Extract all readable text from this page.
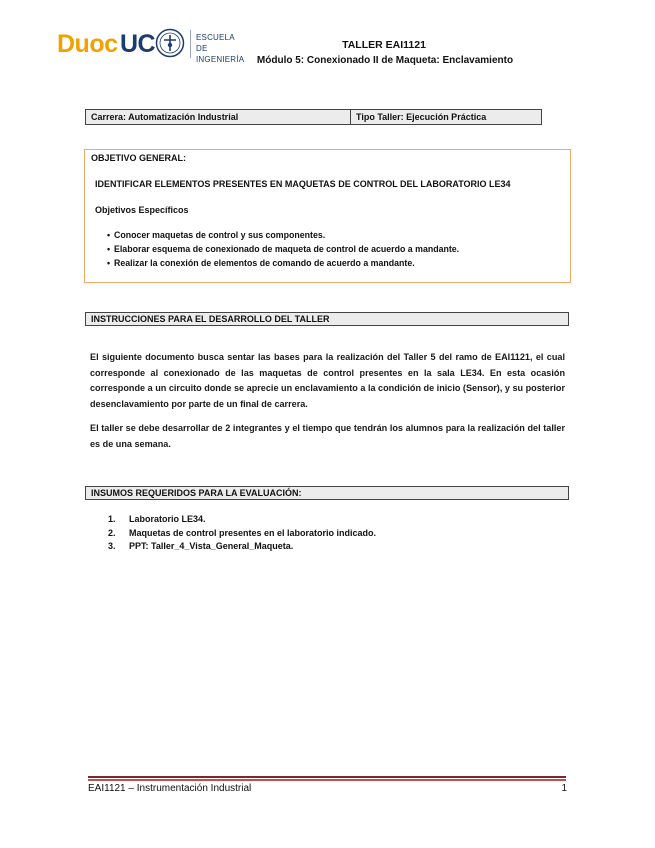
Duoc UC	ESCUELA DE
INGENIERÍA
TALLER EAI1121
Módulo 5: Conexionado II de Maqueta: Enclavamiento
Carrera: Automatización Industrial	Tipo Taller: Ejecución Práctica
OBJETIVO GENERAL:
IDENTIFICAR ELEMENTOS PRESENTES EN MAQUETAS DE CONTROL DEL LABORATORIO LE34
Objetivos Específicos
• Conocer maquetas de control y sus componentes.
• Elaborar esquema de conexionado de maqueta de control de acuerdo a mandante.
• Realizar la conexión de elementos de comando de acuerdo a mandante.
INSTRUCCIONES PARA EL DESARROLLO DEL TALLER
El siguiente documento busca sentar las bases para la realización del Taller 5 del ramo de EAI1121, el cual corresponde al conexionado de las maquetas de control presentes en la sala LE34. En esta ocasión corresponde a un circuito donde se aprecie un enclavamiento a la condición de inicio (Sensor), y su posterior desenclavamiento por parte de un final de carrera.
El taller se debe desarrollar de 2 integrantes y el tiempo que tendrán los alumnos para la realización del taller es de una semana.
INSUMOS REQUERIDOS PARA LA EVALUACIÓN:
1. Laboratorio LE34.
2. Maquetas de control presentes en el laboratorio indicado.
3. PPT: Taller_4_Vista_General_Maqueta.
EAI1121 – Instrumentación Industrial	1
